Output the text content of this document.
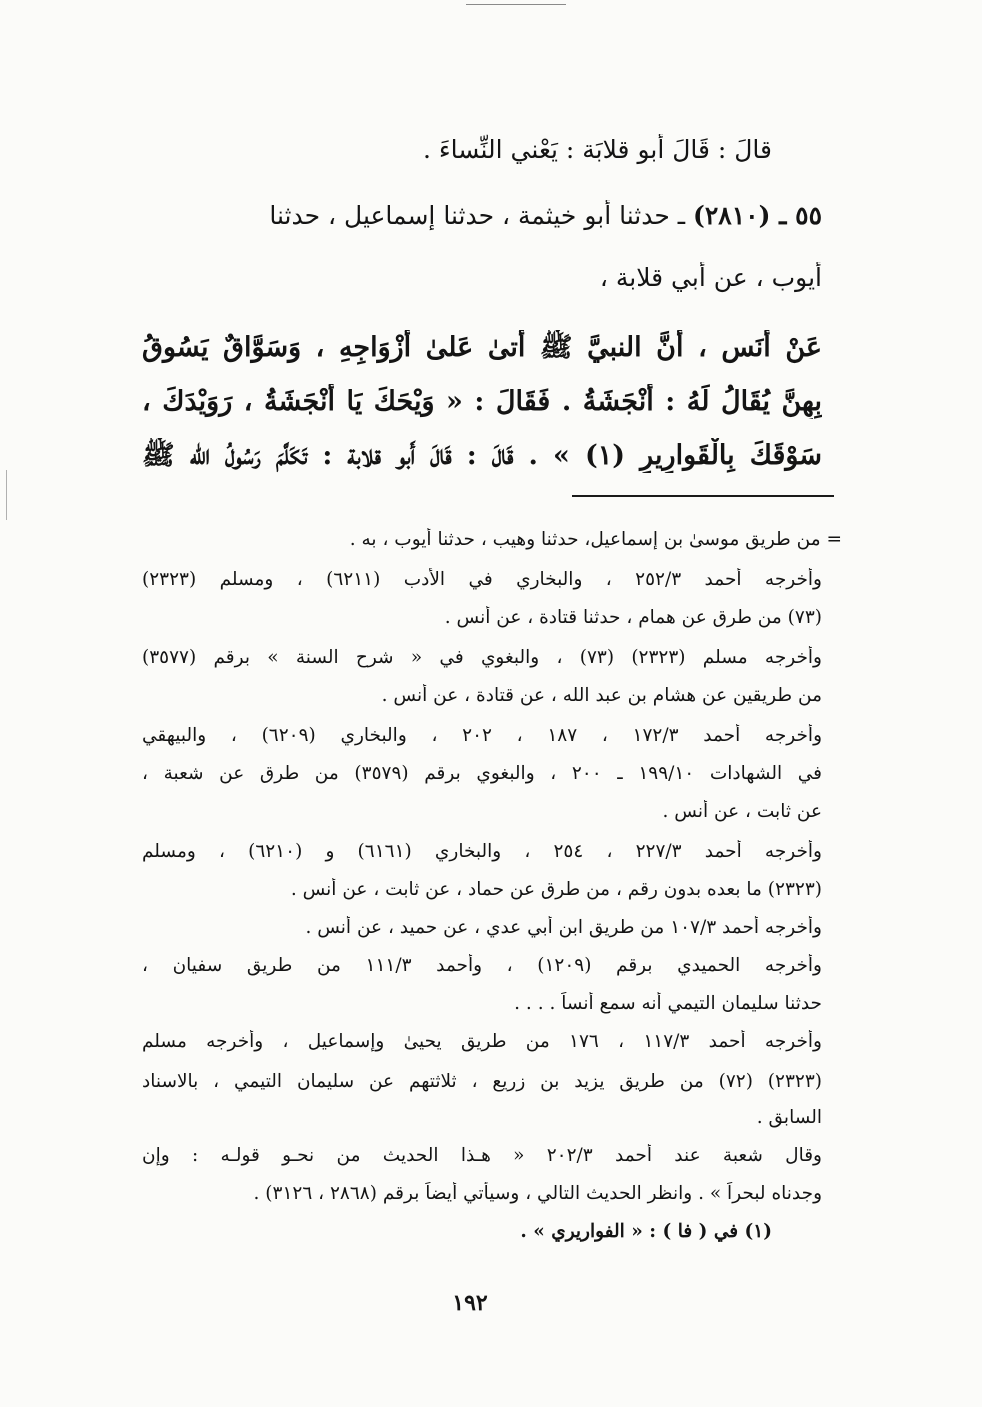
قالَ : قَالَ أَبو قلابَة : يَعْني النِّساءَ .
٥٥ ـ (٢٨١٠) ـ حدثنا أبو خيثمة ، حدثنا إسماعيل ، حدثنا
أيوب ، عن أبي قلابة ،
عَنْ أَنَس ، أَنَّ النبيَّ ﷺ أَتىٰ عَلىٰ أَزْوَاجِهِ ، وَسَوَّاقٌ يَسُوقُ
بِهِنَّ يُقَالُ لَهُ : أَنْجَشَةُ . فَقَالَ : « وَيْحَكَ يَا أَنْجَشَةُ ، رَوَيْدَكَ ،
سَوْقَكَ بِالْقَوارِيرِ (١) » . قَالَ : قَالَ أَبو قلابة : تَكَلَّمَ رَسُولُ الله ﷺ
= من طريق موسىٰ بن إسماعيل، حدثنا وهيب ، حدثنا أيوب ، به .
وأخرجه أحمد ٢٥٢/٣ ، والبخاري في الأدب (٦٢١١) ، ومسلم (٢٣٢٣)
(٧٣) من طرق عن همام ، حدثنا قتادة ، عن أنس .
وأخرجه مسلم (٢٣٢٣) (٧٣) ، والبغوي في « شرح السنة » برقم (٣٥٧٧)
من طريقين عن هشام بن عبد الله ، عن قتادة ، عن أنس .
وأخرجه أحمد ١٧٢/٣ ، ١٨٧ ، ٢٠٢ ، والبخاري (٦٢٠٩) ، والبيهقي
في الشهادات ١٩٩/١٠ ـ ٢٠٠ ، والبغوي برقم (٣٥٧٩) من طرق عن شعبة ،
عن ثابت ، عن أنس .
وأخرجه أحمد ٢٢٧/٣ ، ٢٥٤ ، والبخاري (٦١٦١) و (٦٢١٠) ، ومسلم
(٢٣٢٣) ما بعده بدون رقم ، من طرق عن حماد ، عن ثابت ، عن أنس .
وأخرجه أحمد ١٠٧/٣ من طريق ابن أبي عدي ، عن حميد ، عن أنس .
وأخرجه الحميدي برقم (١٢٠٩) ، وأحمد ١١١/٣ من طريق سفيان ،
حدثنا سليمان التيمي أنه سمع أنساً . . . .
وأخرجه أحمد ١١٧/٣ ، ١٧٦ من طريق يحيىٰ وإسماعيل ، وأخرجه مسلم
(٢٣٢٣) (٧٢) من طريق يزيد بن زريع ، ثلاثتهم عن سليمان التيمي ، بالاسناد
السابق .
وقال شعبة عند أحمد ٢٠٢/٣ « هـذا الحديث من نحـو قولـه : وإن
وجدناه لبحراً » . وانظر الحديث التالي ، وسيأتي أيضاً برقم (٢٨٦٨ ، ٣١٢٦) .
(١) في ( فا ) : « الفواريري » .
١٩٢
